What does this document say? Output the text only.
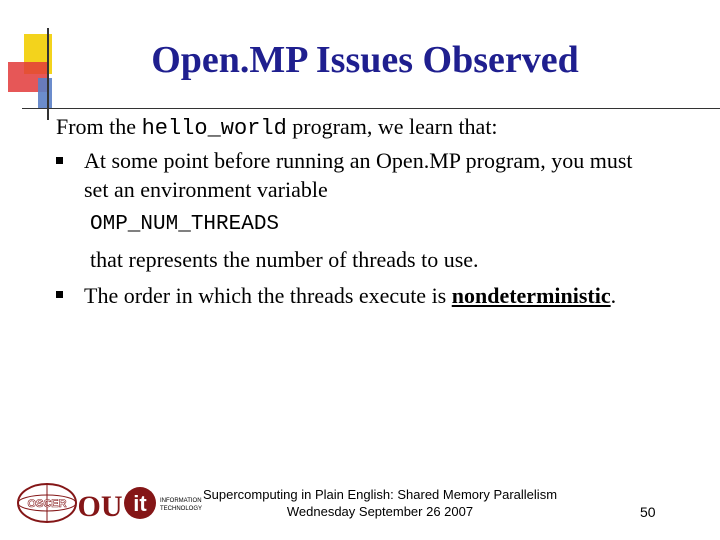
Open.MP Issues Observed
From the hello_world program, we learn that:
At some point before running an Open.MP program, you must
set an environment variable
OMP_NUM_THREADS
that represents the number of threads to use.
The order in which the threads execute is nondeterministic.
OSCER OU it INFORMATION
TECHNOLOGY
Supercomputing in Plain English: Shared Memory Parallelism
Wednesday September 26 2007	50
